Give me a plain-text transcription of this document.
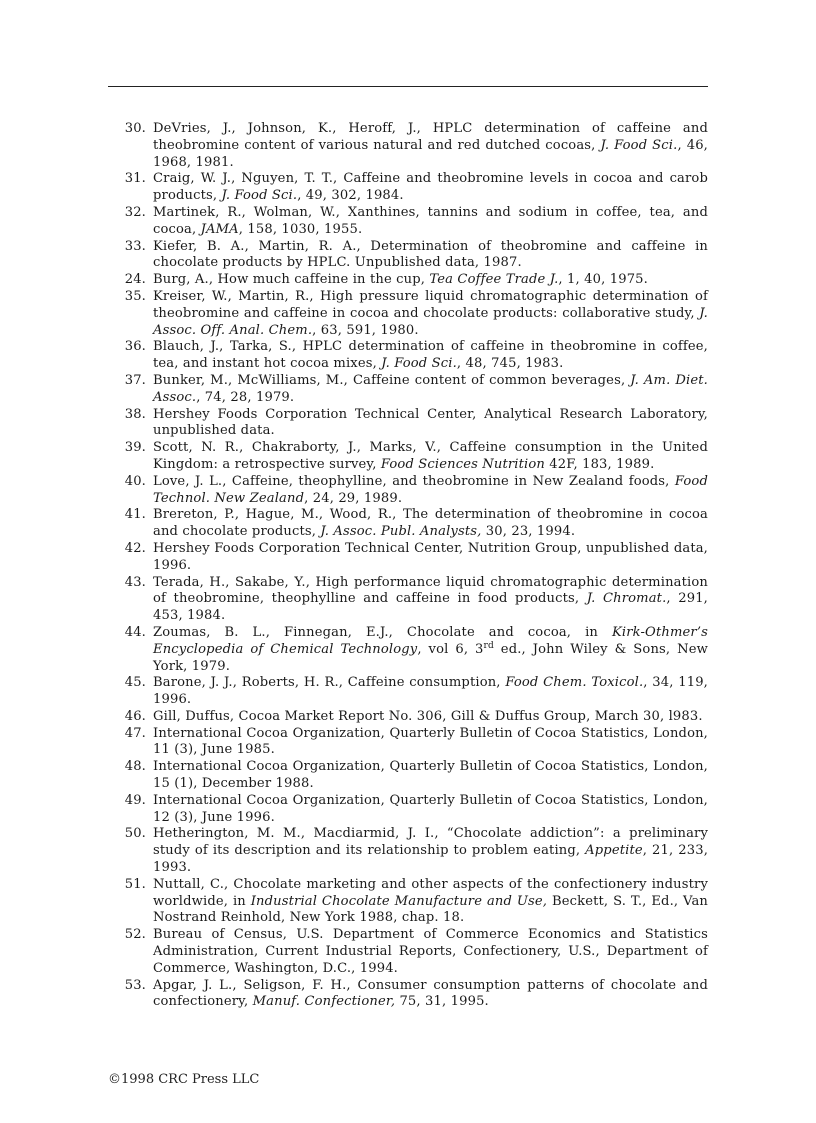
30. DeVries, J., Johnson, K., Heroff, J., HPLC determination of caffeine and theobromine content of various natural and red dutched cocoas, J. Food Sci., 46, 1968, 1981.
31. Craig, W. J., Nguyen, T. T., Caffeine and theobromine levels in cocoa and carob products, J. Food Sci., 49, 302, 1984.
32. Martinek, R., Wolman, W., Xanthines, tannins and sodium in coffee, tea, and cocoa, JAMA, 158, 1030, 1955.
33. Kiefer, B. A., Martin, R. A., Determination of theobromine and caffeine in chocolate products by HPLC. Unpublished data, 1987.
24. Burg, A., How much caffeine in the cup, Tea Coffee Trade J., 1, 40, 1975.
35. Kreiser, W., Martin, R., High pressure liquid chromatographic determination of theobromine and caffeine in cocoa and chocolate products: collaborative study, J. Assoc. Off. Anal. Chem., 63, 591, 1980.
36. Blauch, J., Tarka, S., HPLC determination of caffeine in theobromine in coffee, tea, and instant hot cocoa mixes, J. Food Sci., 48, 745, 1983.
37. Bunker, M., McWilliams, M., Caffeine content of common beverages, J. Am. Diet. Assoc., 74, 28, 1979.
38. Hershey Foods Corporation Technical Center, Analytical Research Laboratory, unpublished data.
39. Scott, N. R., Chakraborty, J., Marks, V., Caffeine consumption in the United Kingdom: a retrospective survey, Food Sciences Nutrition 42F, 183, 1989.
40. Love, J. L., Caffeine, theophylline, and theobromine in New Zealand foods, Food Technol. New Zealand, 24, 29, 1989.
41. Brereton, P., Hague, M., Wood, R., The determination of theobromine in cocoa and chocolate products, J. Assoc. Publ. Analysts, 30, 23, 1994.
42. Hershey Foods Corporation Technical Center, Nutrition Group, unpublished data, 1996.
43. Terada, H., Sakabe, Y., High performance liquid chromatographic determination of theobromine, theophylline and caffeine in food products, J. Chromat., 291, 453, 1984.
44. Zoumas, B. L., Finnegan, E.J., Chocolate and cocoa, in Kirk-Othmer’s Encyclopedia of Chemical Technology, vol 6, 3rd ed., John Wiley & Sons, New York, 1979.
45. Barone, J. J., Roberts, H. R., Caffeine consumption, Food Chem. Toxicol., 34, 119, 1996.
46. Gill, Duffus, Cocoa Market Report No. 306, Gill & Duffus Group, March 30, l983.
47. International Cocoa Organization, Quarterly Bulletin of Cocoa Statistics, London, 11 (3), June 1985.
48. International Cocoa Organization, Quarterly Bulletin of Cocoa Statistics, London, 15 (1), December 1988.
49. International Cocoa Organization, Quarterly Bulletin of Cocoa Statistics, London, 12 (3), June 1996.
50. Hetherington, M. M., Macdiarmid, J. I., “Chocolate addiction”: a preliminary study of its description and its relationship to problem eating, Appetite, 21, 233, 1993.
51. Nuttall, C., Chocolate marketing and other aspects of the confectionery industry worldwide, in Industrial Chocolate Manufacture and Use, Beckett, S. T., Ed., Van Nostrand Reinhold, New York 1988, chap. 18.
52. Bureau of Census, U.S. Department of Commerce Economics and Statistics Administration, Current Industrial Reports, Confectionery, U.S., Department of Commerce, Washington, D.C., 1994.
53. Apgar, J. L., Seligson, F. H., Consumer consumption patterns of chocolate and confectionery, Manuf. Confectioner, 75, 31, 1995.
©1998 CRC Press LLC
